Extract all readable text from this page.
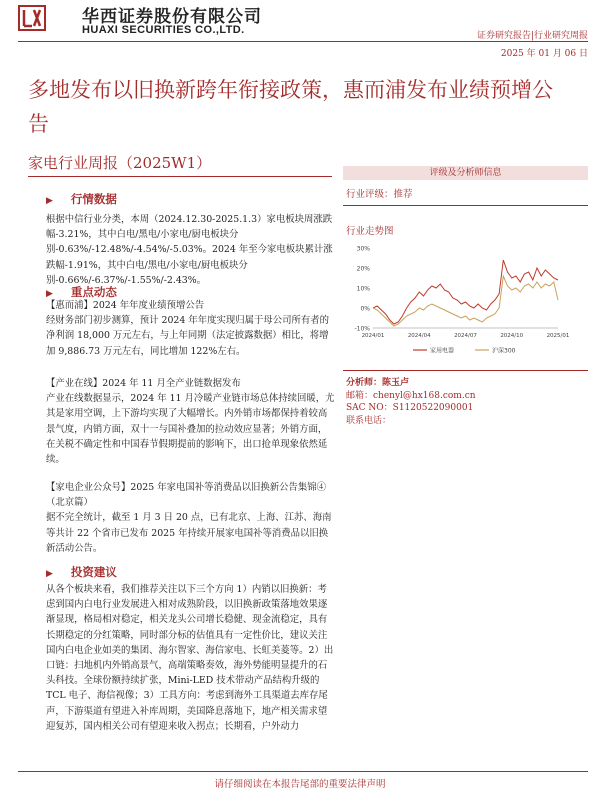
华西证券股份有限公司
HUAXI SECURITIES CO.,LTD.	证券研究报告|行业研究周报
2025 年 01 月 06 日
多地发布以旧换新跨年衔接政策，惠而浦发布业绩预增公告
家电行业周报（2025W1）
▶ 行情数据
根据中信行业分类，本周（2024.12.30-2025.1.3）家电板块周涨跌幅-3.21%，其中白电/黑电/小家电/厨电板块分别-0.63%/-12.48%/-4.54%/-5.03%。2024 年至今家电板块累计涨跌幅-1.91%，其中白电/黑电/小家电/厨电板块分别-0.66%/-6.37%/-1.55%/-2.43%。
▶ 重点动态

【惠而浦】2024 年年度业绩预增公告

经财务部门初步测算，预计 2024 年年度实现归属于母公司所有者的净利润 18,000 万元左右，与上年同期（法定披露数据）相比，将增加 9,886.73 万元左右，同比增加 122%左右。

【产业在线】2024 年 11 月全产业链数据发布

产业在线数据显示，2024 年 11 月冷暖产业链市场总体持续回暖，尤其是家用空调，上下游均实现了大幅增长。内外销市场都保持着较高景气度，内销方面，双十一与国补叠加的拉动效应显著；外销方面，在关税不确定性和中国春节假期提前的影响下，出口抢单现象依然延续。

【家电企业公众号】2025 年家电国补等消费品以旧换新公告集锦④（北京篇）

据不完全统计，截至 1 月 3 日 20 点，已有北京、上海、江苏、海南等共计 22 个省市已发布 2025 年持续开展家电国补等消费品以旧换新活动公告。

▶ 投资建议
从各个板块来看，我们推荐关注以下三个方向 1）内销以旧换新：考虑到国内白电行业发展进入相对成熟阶段，以旧换新政策落地效果逐渐显现，格局相对稳定，相关龙头公司增长稳健、现金流稳定，具有长期稳定的分红策略，同时部分标的估值具有一定性价比，建议关注国内白电企业如美的集团、海尔智家、海信家电、长虹美菱等。2）出口链：扫地机内外销高景气，高端策略奏效，海外势能明显提升的石头科技。全球份额持续扩张，Mini-LED 技术带动产品结构升级的 TCL 电子、海信视像；3）工具方向：考虑到海外工具渠道去库存尾声，下游渠道有望进入补库周期，美国降息落地下，地产相关需求望迎复苏，国内相关公司有望迎来收入拐点；长期看，户外动力
评级及分析师信息
行业评级：推荐
行业走势图
30%
20%
10%
0%
-10%
2024/01	2024/04	2024/07	2024/10	2025/01
家用电器	沪深300
分析师：陈玉卢
邮箱：chenyl@hx168.com.cn
SAC NO：S1120522090001
联系电话：
请仔细阅读在本报告尾部的重要法律声明
